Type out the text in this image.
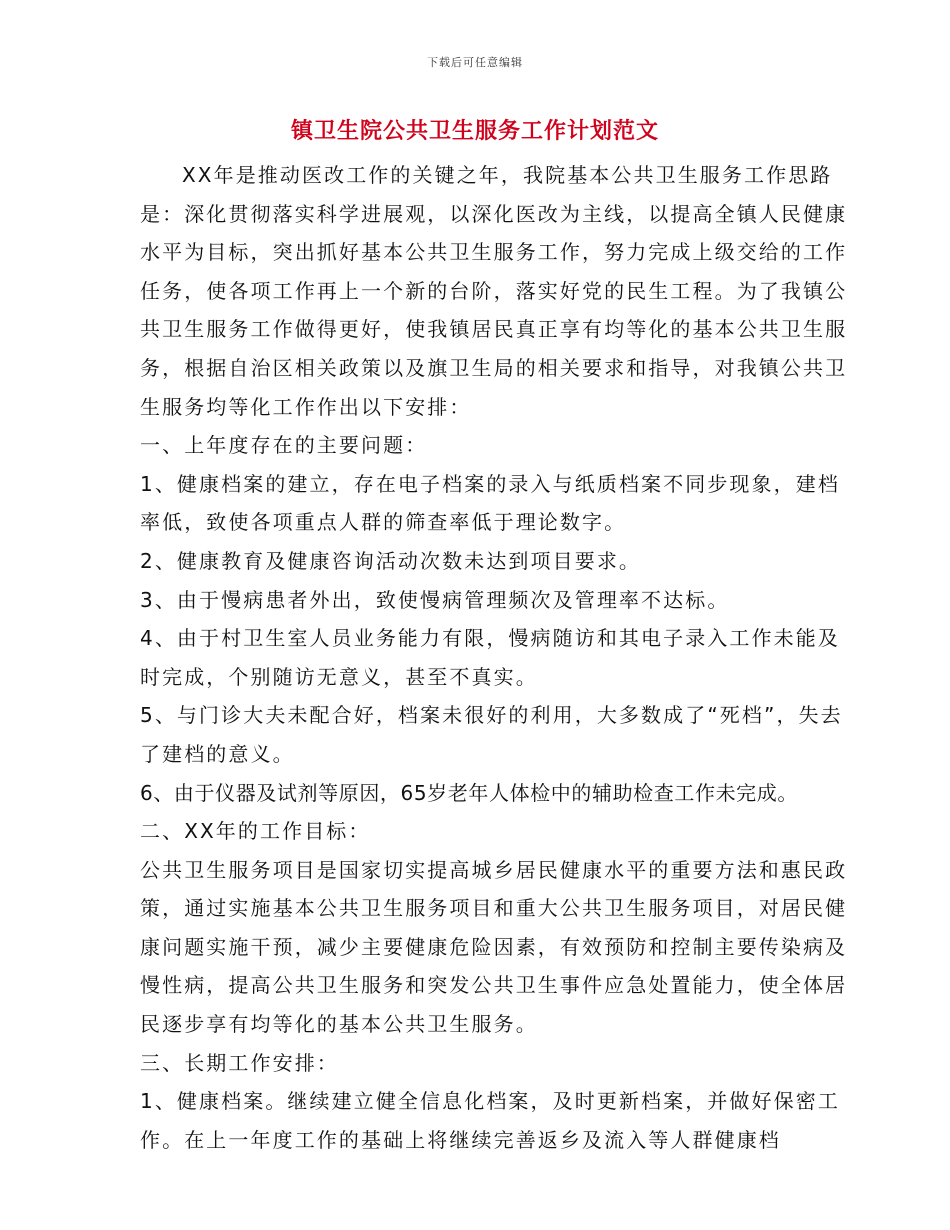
下载后可任意编辑
镇卫生院公共卫生服务工作计划范文

XX年是推动医改工作的关键之年，我院基本公共卫生服务工作思路是：深化贯彻落实科学进展观，以深化医改为主线，以提高全镇人民健康水平为目标，突出抓好基本公共卫生服务工作，努力完成上级交给的工作任务，使各项工作再上一个新的台阶，落实好党的民生工程。为了我镇公共卫生服务工作做得更好，使我镇居民真正享有均等化的基本公共卫生服务，根据自治区相关政策以及旗卫生局的相关要求和指导，对我镇公共卫生服务均等化工作作出以下安排：

一、上年度存在的主要问题：

1、健康档案的建立，存在电子档案的录入与纸质档案不同步现象，建档率低，致使各项重点人群的筛查率低于理论数字。

2、健康教育及健康咨询活动次数未达到项目要求。

3、由于慢病患者外出，致使慢病管理频次及管理率不达标。

4、由于村卫生室人员业务能力有限，慢病随访和其电子录入工作未能及时完成，个别随访无意义，甚至不真实。

5、与门诊大夫未配合好，档案未很好的利用，大多数成了“死档”，失去了建档的意义。

6、由于仪器及试剂等原因，65岁老年人体检中的辅助检查工作未完成。

二、XX年的工作目标：

公共卫生服务项目是国家切实提高城乡居民健康水平的重要方法和惠民政策，通过实施基本公共卫生服务项目和重大公共卫生服务项目，对居民健康问题实施干预，减少主要健康危险因素，有效预防和控制主要传染病及慢性病，提高公共卫生服务和突发公共卫生事件应急处置能力，使全体居民逐步享有均等化的基本公共卫生服务。

三、长期工作安排：

1、健康档案。继续建立健全信息化档案，及时更新档案，并做好保密工作。在上一年度工作的基础上将继续完善返乡及流入等人群健康档
